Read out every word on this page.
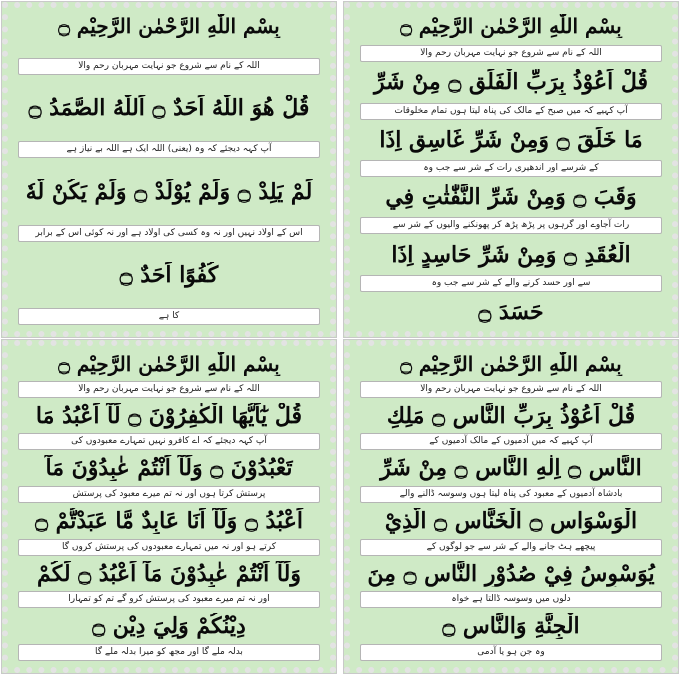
بِسْمِ اللّٰهِ الرَّحْمٰنِ الرَّحِيْمِ ۝
اللہ کے نام سے شروع جو نہایت مہربان رحم والا
قُلْ هُوَ اللّٰهُ اَحَدٌ ۝ اَللّٰهُ الصَّمَدُ ۝
آپ کہہ دیجئے کہ وہ (یعنی) اللہ ایک ہے اللہ بے نیاز ہے
لَمْ يَلِدْ ۝ وَلَمْ يُوْلَدْ ۝ وَلَمْ يَكُنْ لَّهٗ
اس کے اولاد نہیں اور نہ وہ کسی کی اولاد ہے اور نہ کوئی اس کے برابر
كُفُوًا اَحَدٌ ۝
کا ہے
بِسْمِ اللّٰهِ الرَّحْمٰنِ الرَّحِيْمِ ۝
اللہ کے نام سے شروع جو نہایت مہربان رحم والا
قُلْ اَعُوْذُ بِرَبِّ الْفَلَقِ ۝ مِنْ شَرِّ
آپ کہیے کہ میں صبح کے مالک کی پناہ لیتا ہوں تمام مخلوقات
مَا خَلَقَ ۝ وَمِنْ شَرِّ غَاسِقٍ اِذَا
کے شرسے اور اندھیری رات کے شر سے جب وہ
وَقَبَ ۝ وَمِنْ شَرِّ النَّفّٰثٰتِ فِي
رات آجاوے اور گرہوں پر پڑھ پڑھ کر پھونکنے والیوں کے شر سے
الْعُقَدِ ۝ وَمِنْ شَرِّ حَاسِدٍ اِذَا
سے اور حسد کرنے والے کے شر سے جب وہ
حَسَدَ ۝
بِسْمِ اللّٰهِ الرَّحْمٰنِ الرَّحِيْمِ ۝
اللہ کے نام سے شروع جو نہایت مہربان رحم والا
قُلْ يٰٓاَيُّهَا الْكٰفِرُوْنَ ۝ لَآ اَعْبُدُ مَا
آپ کہہ دیجئے کہ اے کافرو نہیں تمہارے معبودوں کی
تَعْبُدُوْنَ ۝ وَلَآ اَنْتُمْ عٰبِدُوْنَ مَآ
پرستش کرتا ہوں اور نہ تم میرے معبود کی پرستش
اَعْبُدُ ۝ وَلَآ اَنَا عَابِدٌ مَّا عَبَدْتُّمْ ۝
کرتے ہو اور نہ میں تمہارے معبودوں کی پرستش کروں گا
وَلَآ اَنْتُمْ عٰبِدُوْنَ مَآ اَعْبُدُ ۝ لَكُمْ
اور نہ تم میرے معبود کی پرستش کرو گے تم کو تمہارا
دِيْنُكُمْ وَلِيَ دِيْنِ ۝
بدلہ ملے گا اور مجھ کو میرا بدلہ ملے گا
بِسْمِ اللّٰهِ الرَّحْمٰنِ الرَّحِيْمِ ۝
اللہ کے نام سے شروع جو نہایت مہربان رحم والا
قُلْ اَعُوْذُ بِرَبِّ النَّاسِ ۝ مَلِكِ
آپ کہیے کہ میں آدمیوں کے مالک آدمیوں کے
النَّاسِ ۝ اِلٰهِ النَّاسِ ۝ مِنْ شَرِّ
بادشاہ آدمیوں کے معبود کی پناہ لیتا ہوں وسوسہ ڈالنے والے
الْوَسْوَاسِ ۝ الْخَنَّاسِ ۝ الَّذِيْ
پیچھے ہٹ جانے والے کے شر سے جو لوگوں کے
يُوَسْوِسُ فِيْ صُدُوْرِ النَّاسِ ۝ مِنَ
دلوں میں وسوسہ ڈالتا ہے خواہ
الْجِنَّةِ وَالنَّاسِ ۝
وہ جن ہو یا آدمی
